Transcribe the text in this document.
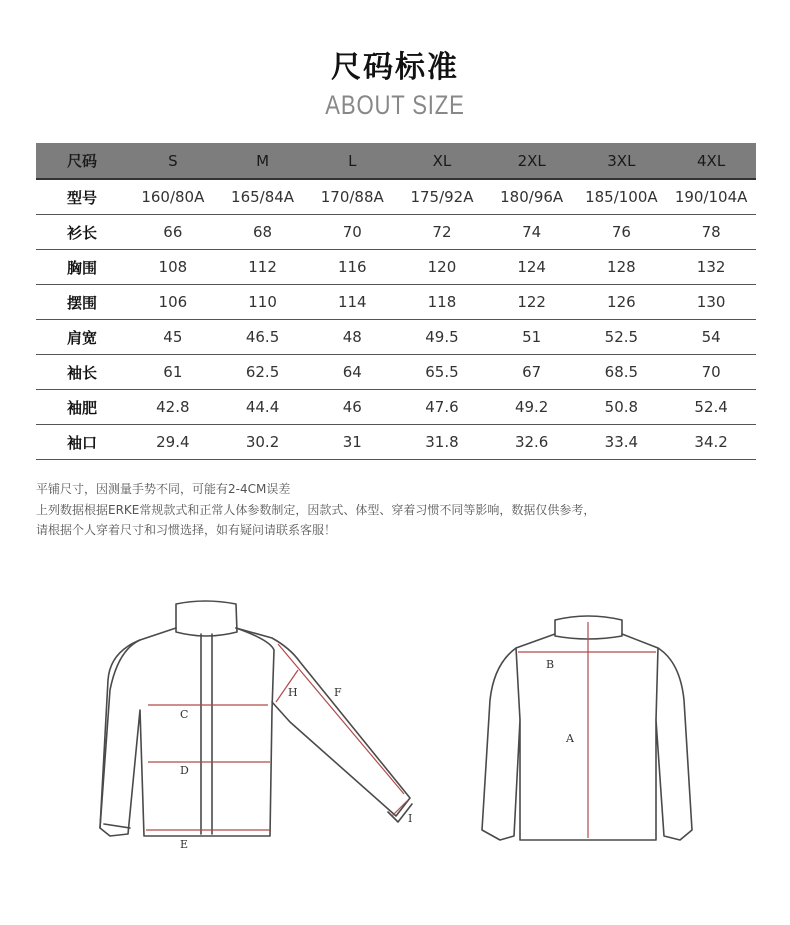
尺码标准
ABOUT SIZE
尺码	S	M	L	XL	2XL	3XL	4XL
型号	160/80A	165/84A	170/88A	175/92A	180/96A	185/100A	190/104A
衫长	66	68	70	72	74	76	78
胸围	108	112	116	120	124	128	132
摆围	106	110	114	118	122	126	130
肩宽	45	46.5	48	49.5	51	52.5	54
袖长	61	62.5	64	65.5	67	68.5	70
袖肥	42.8	44.4	46	47.6	49.2	50.8	52.4
袖口	29.4	30.2	31	31.8	32.6	33.4	34.2
平铺尺寸，因测量手势不同，可能有2-4CM误差
上列数据根据ERKE常规款式和正常人体参数制定，因款式、体型、穿着习惯不同等影响，数据仅供参考，
请根据个人穿着尺寸和习惯选择，如有疑问请联系客服！
C
D
E
H	F
I
A
B
